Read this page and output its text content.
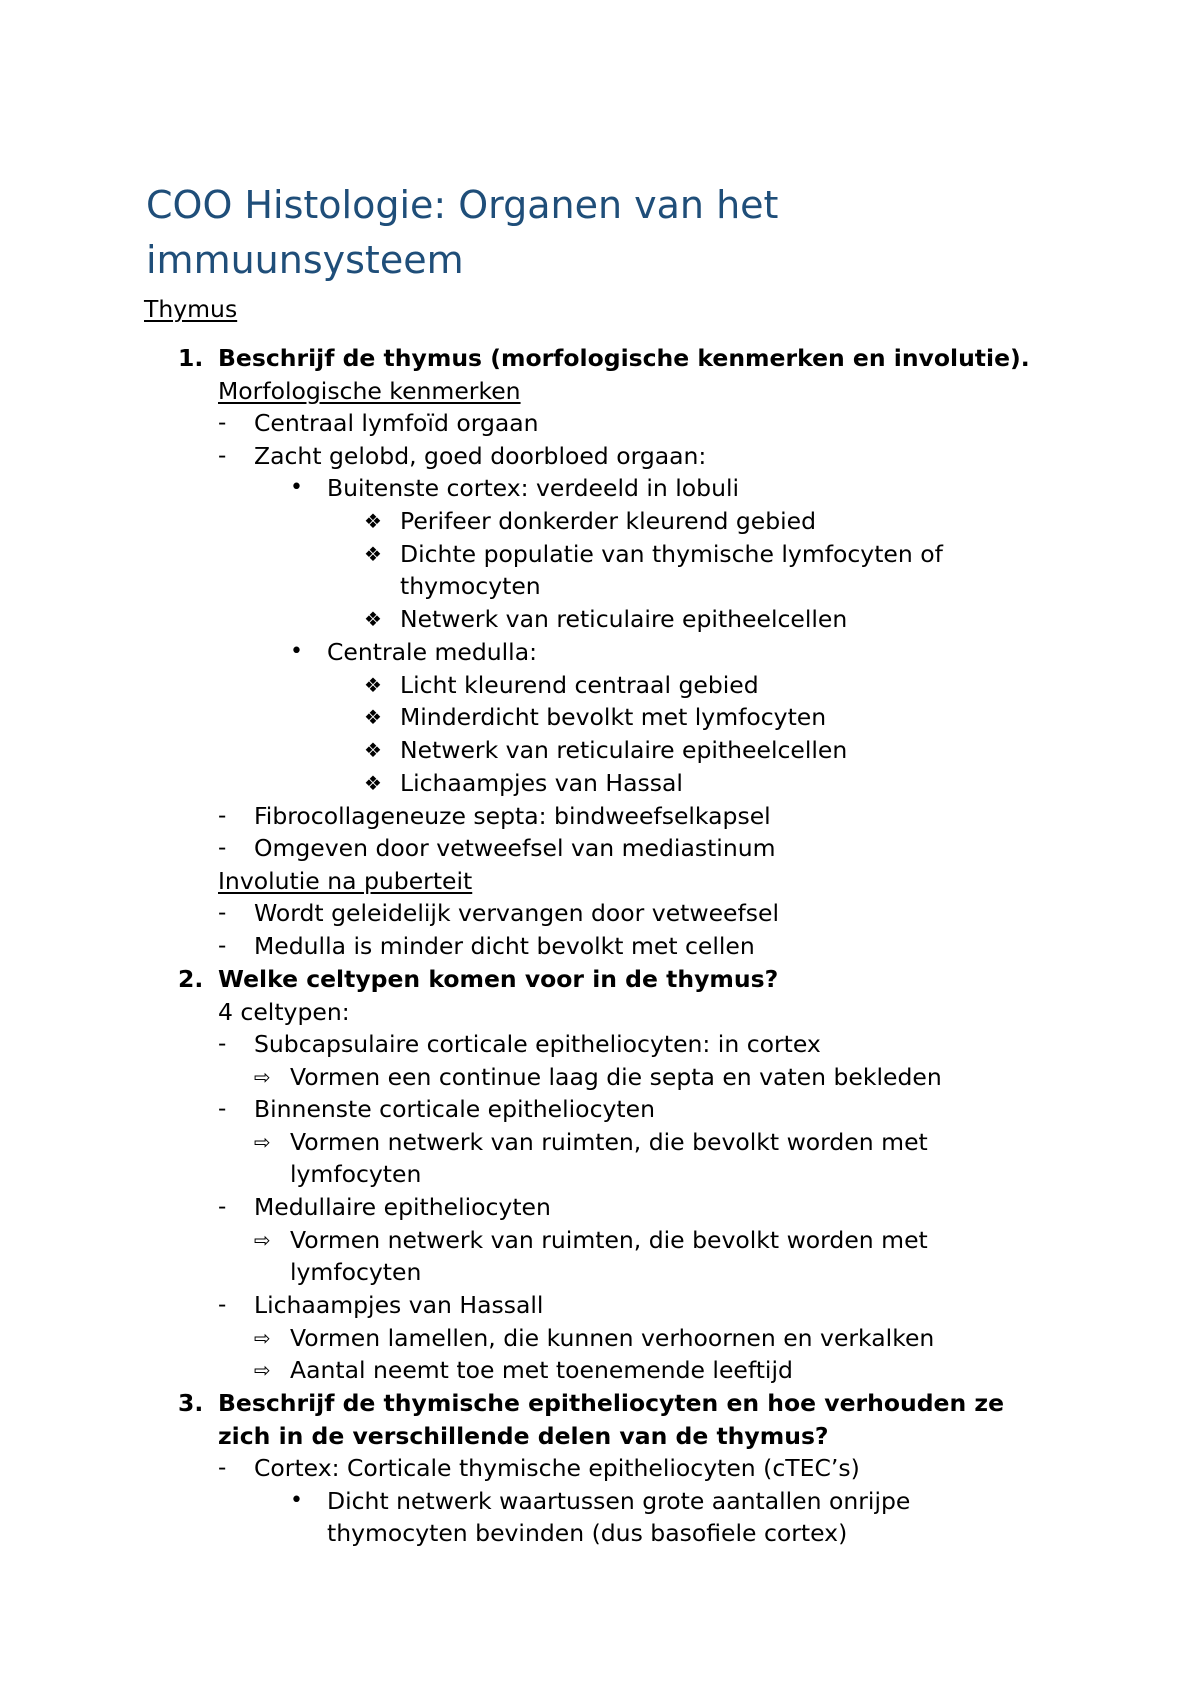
COO Histologie: Organen van het immuunsysteem
Thymus
1. Beschrijf de thymus (morfologische kenmerken en involutie).
Morfologische kenmerken
- Centraal lymfoïd orgaan
- Zacht gelobd, goed doorbloed orgaan:
• Buitenste cortex: verdeeld in lobuli
❖ Perifeer donkerder kleurend gebied
❖ Dichte populatie van thymische lymfocyten of
thymocyten
❖ Netwerk van reticulaire epitheelcellen
• Centrale medulla:
❖ Licht kleurend centraal gebied
❖ Minderdicht bevolkt met lymfocyten
❖ Netwerk van reticulaire epitheelcellen
❖ Lichaampjes van Hassal
- Fibrocollageneuze septa: bindweefselkapsel
- Omgeven door vetweefsel van mediastinum
Involutie na puberteit
- Wordt geleidelijk vervangen door vetweefsel
- Medulla is minder dicht bevolkt met cellen
2. Welke celtypen komen voor in de thymus?
4 celtypen:
- Subcapsulaire corticale epitheliocyten: in cortex
⇨ Vormen een continue laag die septa en vaten bekleden
- Binnenste corticale epitheliocyten
⇨ Vormen netwerk van ruimten, die bevolkt worden met
lymfocyten
- Medullaire epitheliocyten
⇨ Vormen netwerk van ruimten, die bevolkt worden met
lymfocyten
- Lichaampjes van Hassall
⇨ Vormen lamellen, die kunnen verhoornen en verkalken
⇨ Aantal neemt toe met toenemende leeftijd
3. Beschrijf de thymische epitheliocyten en hoe verhouden ze
zich in de verschillende delen van de thymus?
- Cortex: Corticale thymische epitheliocyten (cTEC’s)
• Dicht netwerk waartussen grote aantallen onrijpe
thymocyten bevinden (dus basofiele cortex)
